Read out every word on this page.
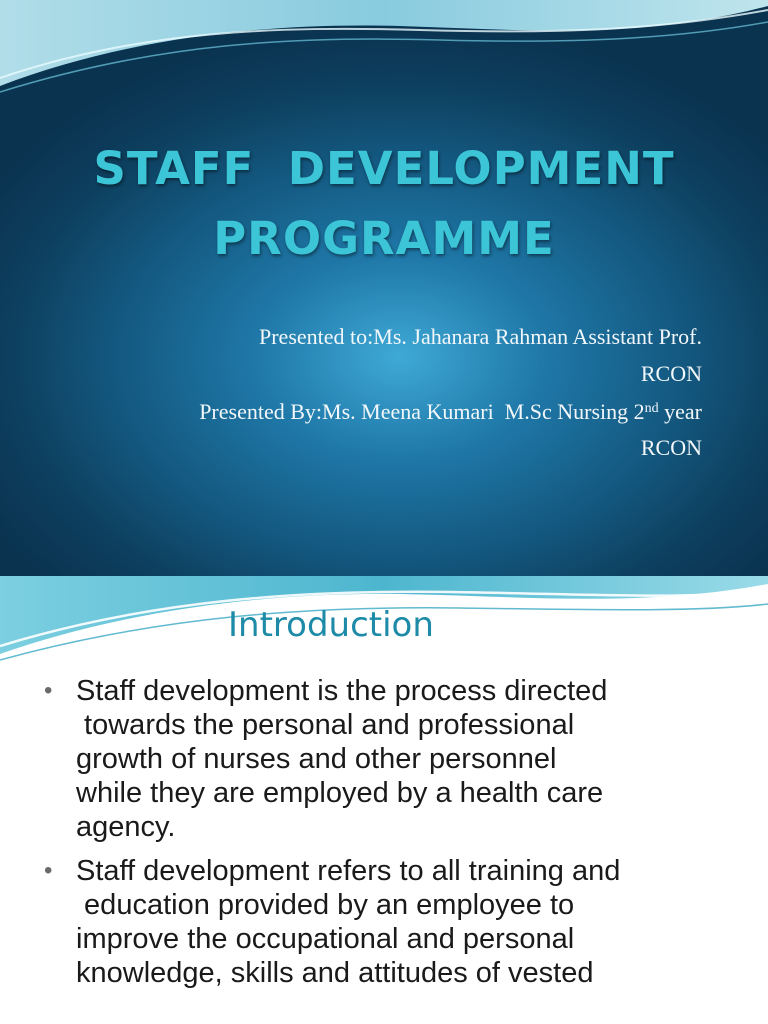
STAFF  DEVELOPMENT
PROGRAMME
Presented to:Ms. Jahanara Rahman Assistant Prof.
RCON
Presented By:Ms. Meena Kumari  M.Sc Nursing 2nd year
RCON
Introduction
• Staff development is the process directed
towards the personal and professional
growth of nurses and other personnel
while they are employed by a health care
agency.
• Staff development refers to all training and
education provided by an employee to
improve the occupational and personal
knowledge, skills and attitudes of vested
